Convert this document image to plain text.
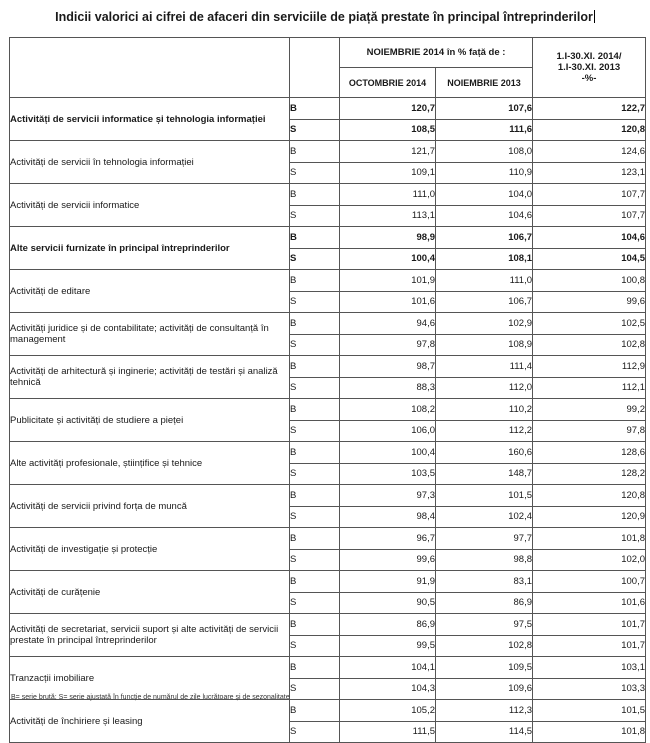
Indicii valorici ai cifrei de afaceri din serviciile de piață prestate în principal întreprinderilor
		NOIEMBRIE 2014 în % față de :		1.I-30.XI. 2014/
1.I-30.XI. 2013
-%-

		OCTOMBRIE 2014	NOIEMBRIE 2013	
Activități de servicii informatice și tehnologia informației	B	120,7	107,6	122,7
	S	108,5	111,6	120,8
Activități de servicii în tehnologia informației	B	121,7	108,0	124,6
	S	109,1	110,9	123,1
Activități de servicii informatice	B	111,0	104,0	107,7
	S	113,1	104,6	107,7
Alte servicii furnizate în principal întreprinderilor	B	98,9	106,7	104,6
	S	100,4	108,1	104,5
Activități de editare	B	101,9	111,0	100,8
	S	101,6	106,7	99,6
Activități juridice și de contabilitate; activități de consultanță în management	B	94,6	102,9	102,5
	S	97,8	108,9	102,8
Activități de arhitectură și inginerie; activități de testări și analiză tehnică	B	98,7	111,4	112,9
	S	88,3	112,0	112,1
Publicitate și activități de studiere a pieței	B	108,2	110,2	99,2
	S	106,0	112,2	97,8
Alte activități profesionale, științifice și tehnice	B	100,4	160,6	128,6
	S	103,5	148,7	128,2
Activități de servicii privind forța de muncă	B	97,3	101,5	120,8
	S	98,4	102,4	120,9
Activități de investigație și protecție	B	96,7	97,7	101,8
	S	99,6	98,8	102,0
Activități de curățenie	B	91,9	83,1	100,7
	S	90,5	86,9	101,6
Activități de secretariat, servicii suport și alte activități de servicii prestate în principal întreprinderilor	B	86,9	97,5	101,7
	S	99,5	102,8	101,7
Tranzacții imobiliare	B	104,1	109,5	103,1
	S	104,3	109,6	103,3
Activități de închiriere și leasing	B	105,2	112,3	101,5
	S	111,5	114,5	101,8
B= serie brută; S= serie ajustată în funcție de numărul de zile lucrătoare și de sezonalitate
